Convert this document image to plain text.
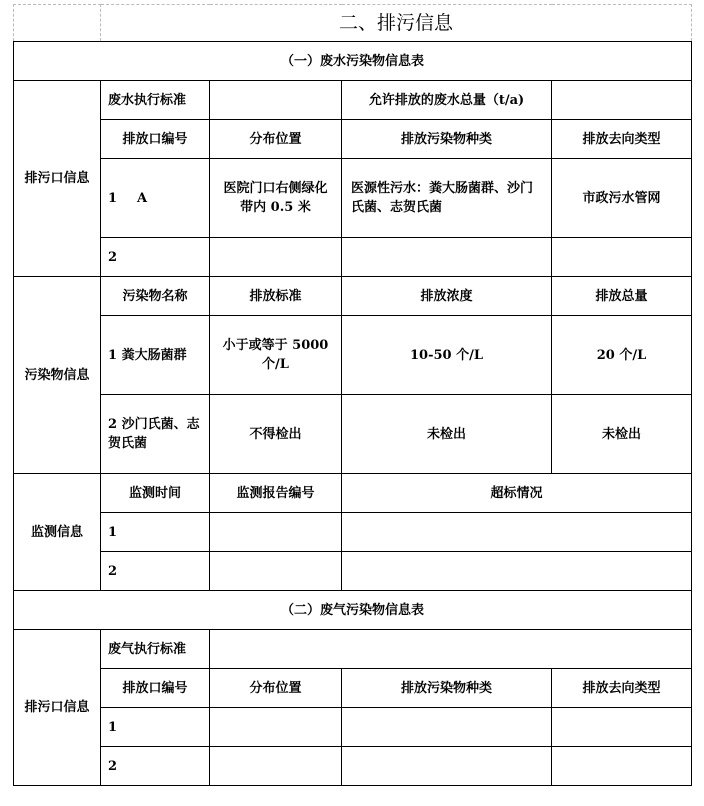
	二、排污信息			
（一）废水污染物信息表				
排污口信息	废水执行标准		允许排放的废水总量（t/a)	
	排放口编号	分布位置	排放污染物种类	排放去向类型
	1 A	医院门口右侧绿化带内 0.5 米	医源性污水：粪大肠菌群、沙门氏菌、志贺氏菌	市政污水管网
	2			
污染物信息	污染物名称	排放标准	排放浓度	排放总量
	1 粪大肠菌群	小于或等于 5000 个/L	10-50 个/L	20 个/L
	2 沙门氏菌、志贺氏菌	不得检出	未检出	未检出
监测信息	监测时间	监测报告编号	超标情况	
	1			
	2			
（二）废气污染物信息表				
排污口信息	废气执行标准			
	排放口编号	分布位置	排放污染物种类	排放去向类型
	1			
	2			
